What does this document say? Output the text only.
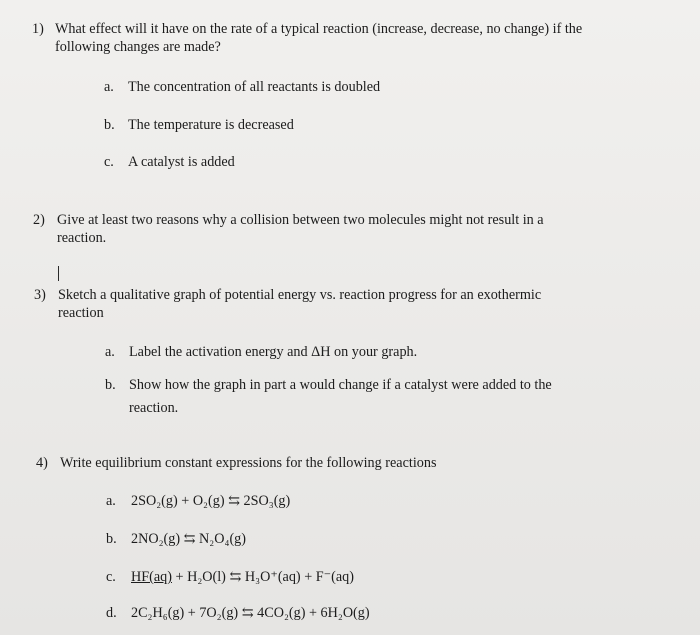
1) What effect will it have on the rate of a typical reaction (increase, decrease, no change) if the
following changes are made?
a. The concentration of all reactants is doubled
b. The temperature is decreased
c. A catalyst is added
2) Give at least two reasons why a collision between two molecules might not result in a
reaction.
3) Sketch a qualitative graph of potential energy vs. reaction progress for an exothermic
reaction
a. Label the activation energy and ΔH on your graph.
b. Show how the graph in part a would change if a catalyst were added to the
reaction.
4) Write equilibrium constant expressions for the following reactions
a. 2SO₂(g) + O₂(g) ⇆ 2SO₃(g)
b. 2NO₂(g) ⇆ N₂O₄(g)
c. HF(aq) + H₂O(l) ⇆ H₃O⁺(aq) + F⁻(aq)
d. 2C₂H₆(g) + 7O₂(g) ⇆ 4CO₂(g) + 6H₂O(g)
